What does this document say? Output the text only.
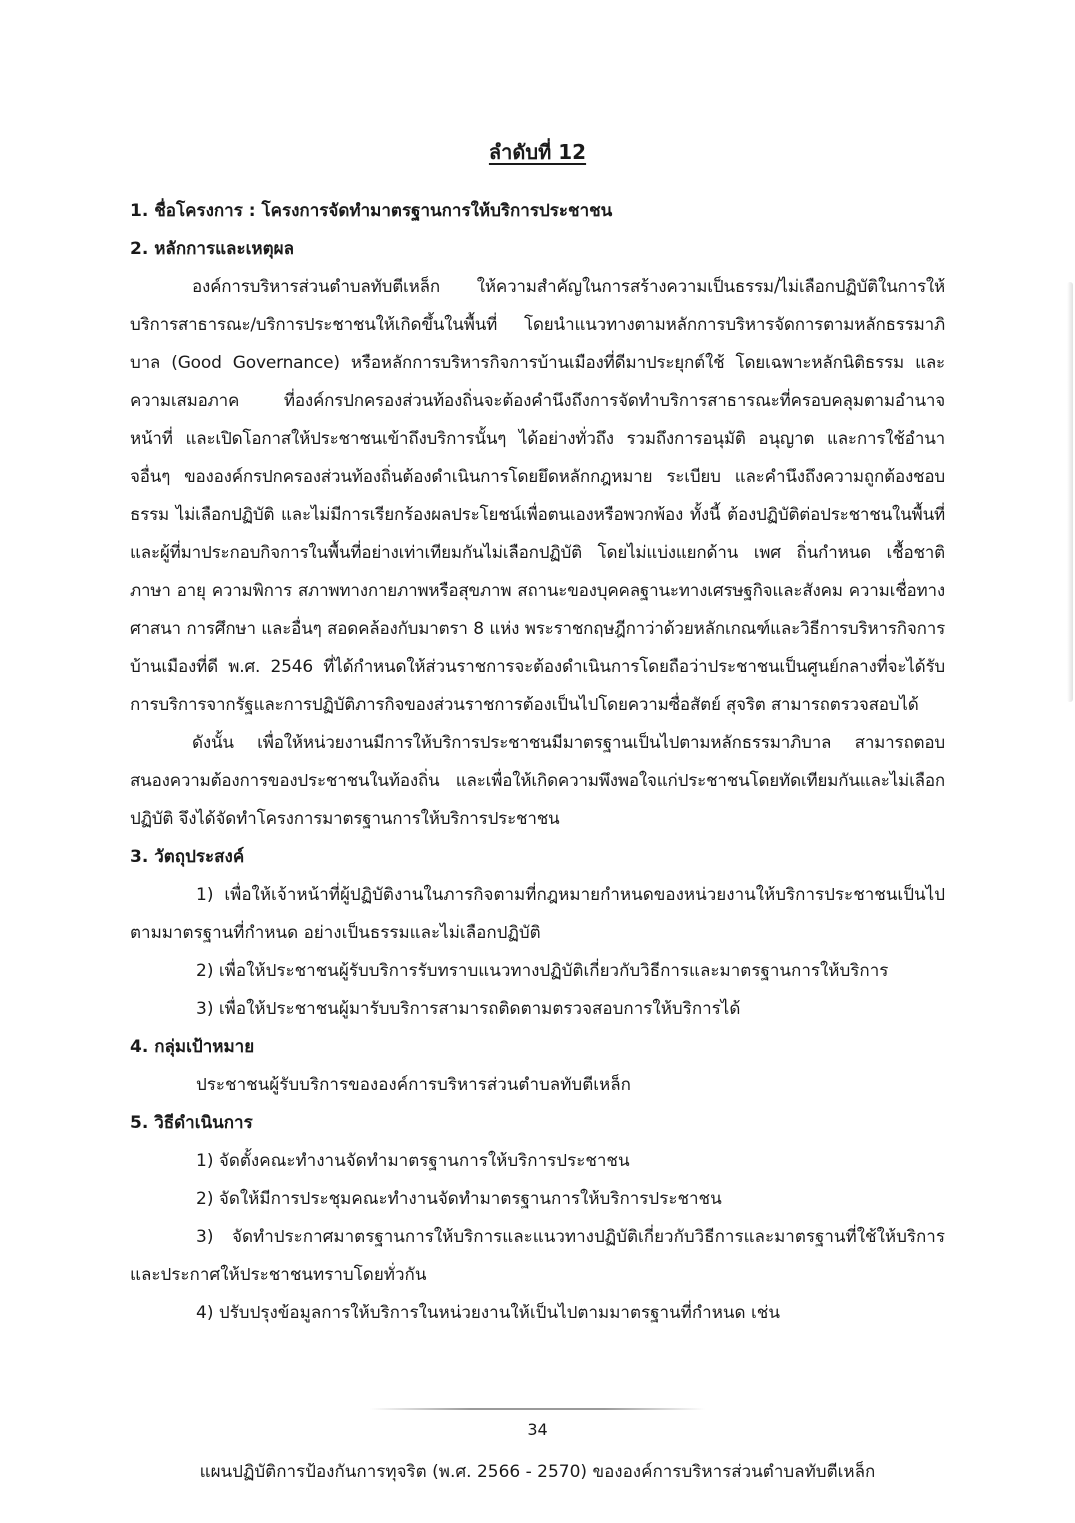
ลำดับที่ 12

1. ชื่อโครงการ : โครงการจัดทำมาตรฐานการให้บริการประชาชน

2. หลักการและเหตุผล

องค์การบริหารส่วนตำบลทับตีเหล็ก ให้ความสำคัญในการสร้างความเป็นธรรม/ไม่เลือกปฏิบัติในการให้บริการสาธารณะ/บริการประชาชนให้เกิดขึ้นในพื้นที่ โดยนำแนวทางตามหลักการบริหารจัดการตามหลักธรรมาภิบาล (Good Governance) หรือหลักการบริหารกิจการบ้านเมืองที่ดีมาประยุกต์ใช้ โดยเฉพาะหลักนิติธรรม และความเสมอภาค ที่องค์กรปกครองส่วนท้องถิ่นจะต้องคำนึงถึงการจัดทำบริการสาธารณะที่ครอบคลุมตามอำนาจหน้าที่ และเปิดโอกาสให้ประชาชนเข้าถึงบริการนั้นๆ ได้อย่างทั่วถึง รวมถึงการอนุมัติ อนุญาต และการใช้อำนาจอื่นๆ ขององค์กรปกครองส่วนท้องถิ่นต้องดำเนินการโดยยึดหลักกฎหมาย ระเบียบ และคำนึงถึงความถูกต้องชอบธรรม ไม่เลือกปฏิบัติ และไม่มีการเรียกร้องผลประโยชน์เพื่อตนเองหรือพวกพ้อง ทั้งนี้ ต้องปฏิบัติต่อประชาชนในพื้นที่และผู้ที่มาประกอบกิจการในพื้นที่อย่างเท่าเทียมกันไม่เลือกปฏิบัติ โดยไม่แบ่งแยกด้าน เพศ ถิ่นกำหนด เชื้อชาติ ภาษา อายุ ความพิการ สภาพทางกายภาพหรือสุขภาพ สถานะของบุคคลฐานะทางเศรษฐกิจและสังคม ความเชื่อทางศาสนา การศึกษา และอื่นๆ สอดคล้องกับมาตรา 8 แห่ง พระราชกฤษฎีกาว่าด้วยหลักเกณฑ์และวิธีการบริหารกิจการบ้านเมืองที่ดี พ.ศ. 2546 ที่ได้กำหนดให้ส่วนราชการจะต้องดำเนินการโดยถือว่าประชาชนเป็นศูนย์กลางที่จะได้รับการบริการจากรัฐและการปฏิบัติภารกิจของส่วนราชการต้องเป็นไปโดยความซื่อสัตย์ สุจริต สามารถตรวจสอบได้

ดังนั้น เพื่อให้หน่วยงานมีการให้บริการประชาชนมีมาตรฐานเป็นไปตามหลักธรรมาภิบาล สามารถตอบสนองความต้องการของประชาชนในท้องถิ่น และเพื่อให้เกิดความพึงพอใจแก่ประชาชนโดยทัดเทียมกันและไม่เลือกปฏิบัติ จึงได้จัดทำโครงการมาตรฐานการให้บริการประชาชน

3. วัตถุประสงค์

1) เพื่อให้เจ้าหน้าที่ผู้ปฏิบัติงานในภารกิจตามที่กฎหมายกำหนดของหน่วยงานให้บริการประชาชนเป็นไปตามมาตรฐานที่กำหนด อย่างเป็นธรรมและไม่เลือกปฏิบัติ

2) เพื่อให้ประชาชนผู้รับบริการรับทราบแนวทางปฏิบัติเกี่ยวกับวิธีการและมาตรฐานการให้บริการ

3) เพื่อให้ประชาชนผู้มารับบริการสามารถติดตามตรวจสอบการให้บริการได้

4. กลุ่มเป้าหมาย

ประชาชนผู้รับบริการขององค์การบริหารส่วนตำบลทับตีเหล็ก

5. วิธีดำเนินการ

1) จัดตั้งคณะทำงานจัดทำมาตรฐานการให้บริการประชาชน

2) จัดให้มีการประชุมคณะทำงานจัดทำมาตรฐานการให้บริการประชาชน

3) จัดทำประกาศมาตรฐานการให้บริการและแนวทางปฏิบัติเกี่ยวกับวิธีการและมาตรฐานที่ใช้ให้บริการและประกาศให้ประชาชนทราบโดยทั่วกัน

4) ปรับปรุงข้อมูลการให้บริการในหน่วยงานให้เป็นไปตามมาตรฐานที่กำหนด เช่น

34
แผนปฏิบัติการป้องกันการทุจริต (พ.ศ. 2566 - 2570) ขององค์การบริหารส่วนตำบลทับตีเหล็ก
